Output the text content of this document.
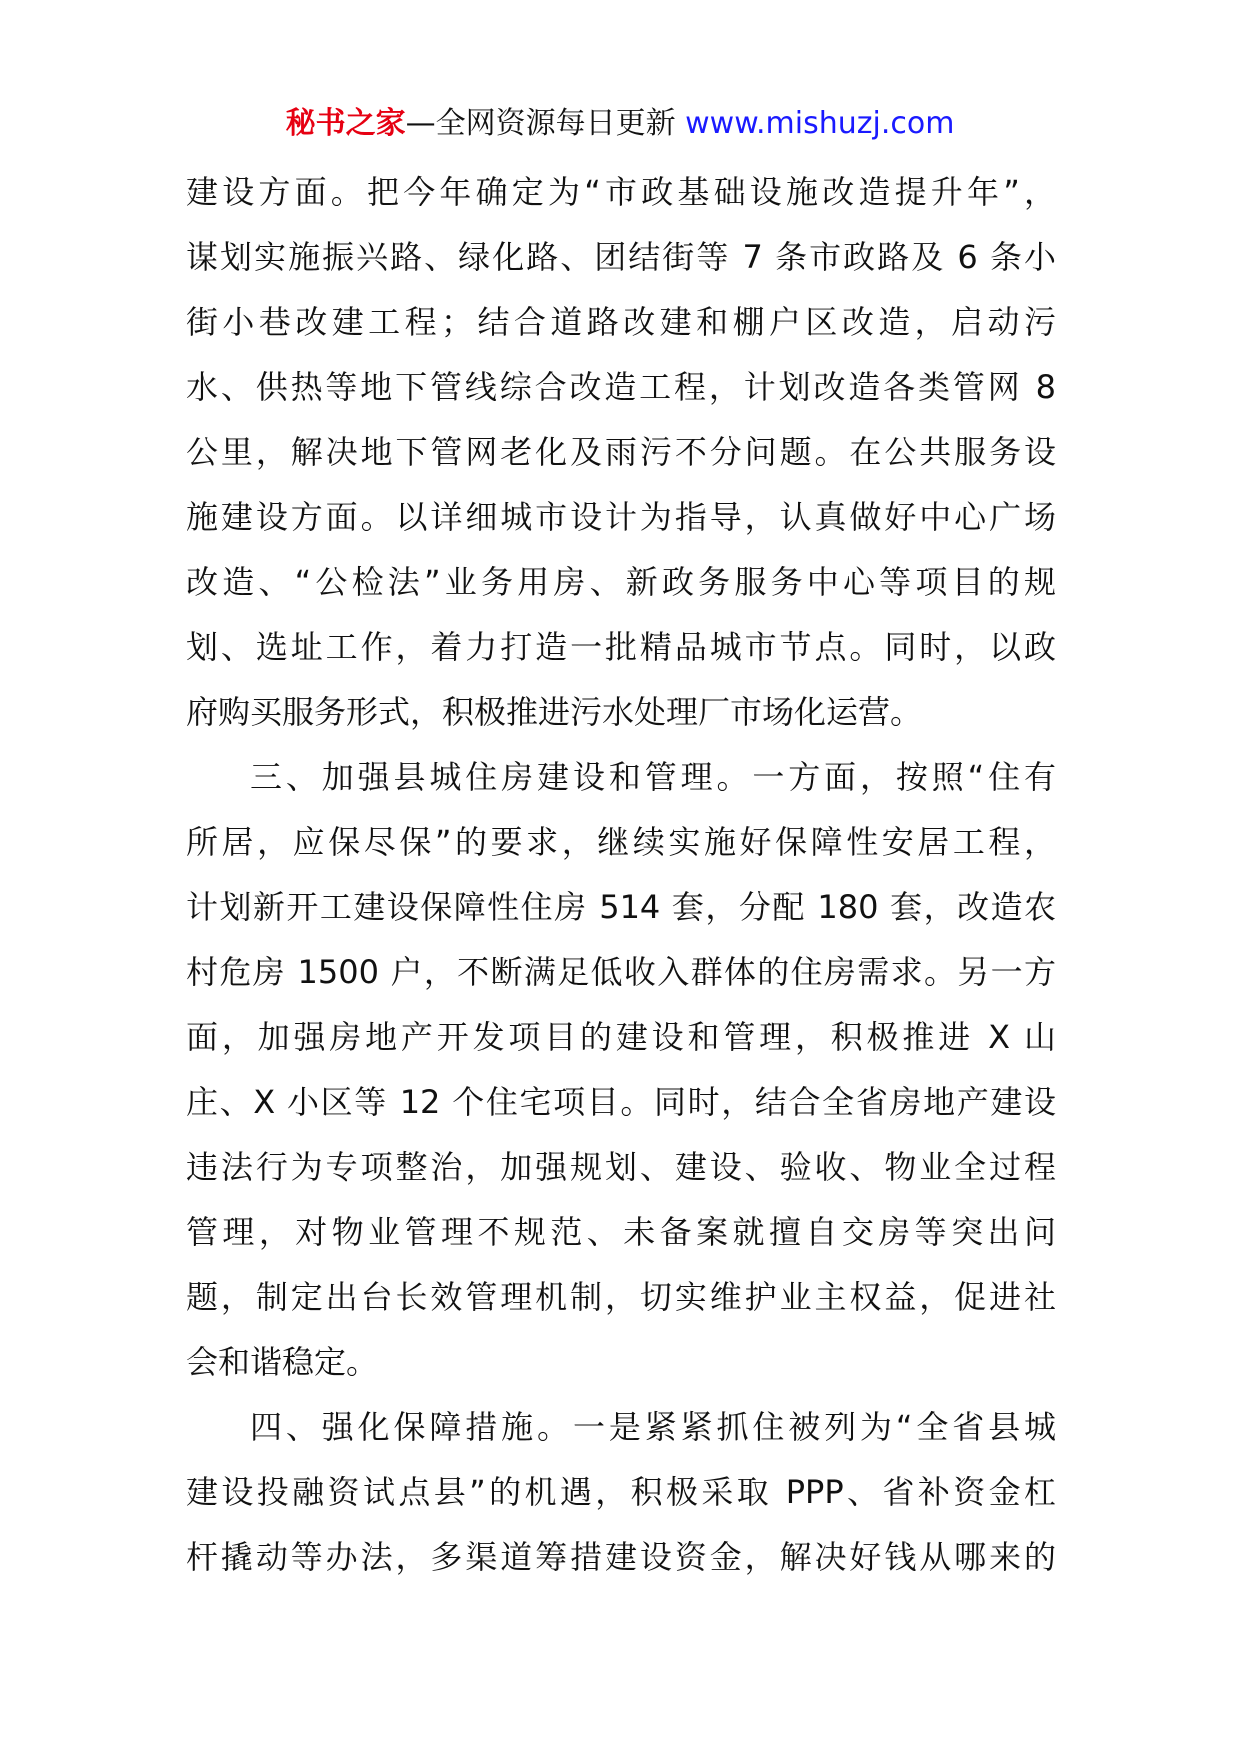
秘书之家—全网资源每日更新 www.mishuzj.com
建设方面。把今年确定为“市政基础设施改造提升年”，
谋划实施振兴路、绿化路、团结街等 7 条市政路及 6 条小
街小巷改建工程；结合道路改建和棚户区改造，启动污
水、供热等地下管线综合改造工程，计划改造各类管网 8
公里，解决地下管网老化及雨污不分问题。在公共服务设
施建设方面。以详细城市设计为指导，认真做好中心广场
改造、“公检法”业务用房、新政务服务中心等项目的规
划、选址工作，着力打造一批精品城市节点。同时，以政
府购买服务形式，积极推进污水处理厂市场化运营。
三、加强县城住房建设和管理。一方面，按照“住有
所居，应保尽保”的要求，继续实施好保障性安居工程，
计划新开工建设保障性住房 514 套，分配 180 套，改造农
村危房 1500 户，不断满足低收入群体的住房需求。另一方
面，加强房地产开发项目的建设和管理，积极推进 X 山
庄、X 小区等 12 个住宅项目。同时，结合全省房地产建设
违法行为专项整治，加强规划、建设、验收、物业全过程
管理，对物业管理不规范、未备案就擅自交房等突出问
题，制定出台长效管理机制，切实维护业主权益，促进社
会和谐稳定。
四、强化保障措施。一是紧紧抓住被列为“全省县城
建设投融资试点县”的机遇，积极采取 PPP、省补资金杠
杆撬动等办法，多渠道筹措建设资金，解决好钱从哪来的
